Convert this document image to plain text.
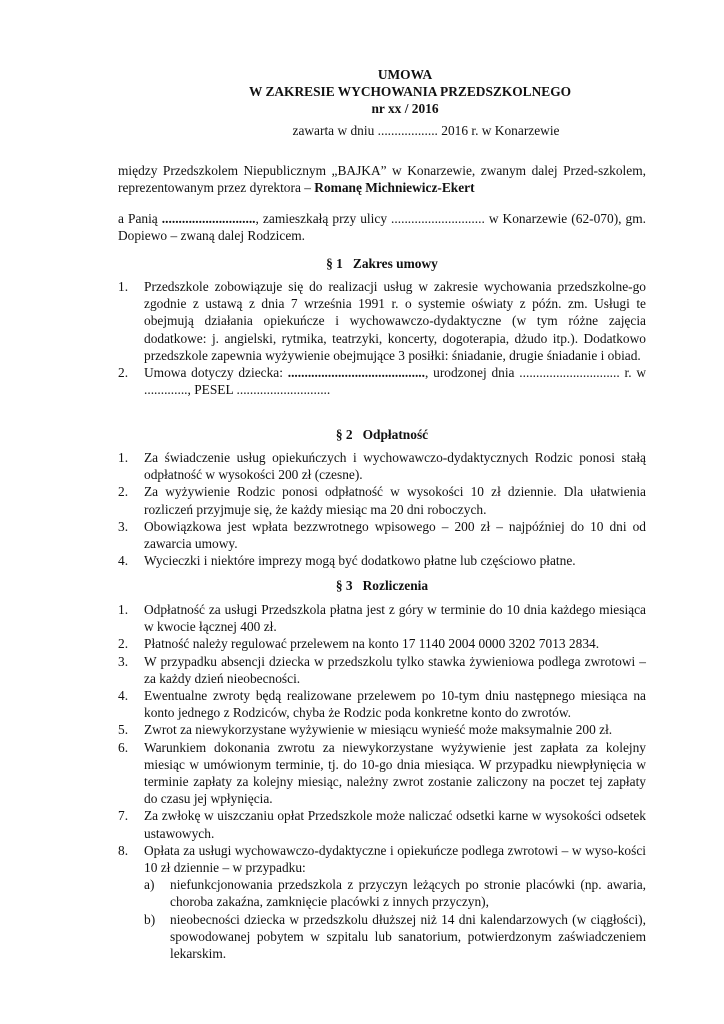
UMOWA
W ZAKRESIE WYCHOWANIA PRZEDSZKOLNEGO
nr xx / 2016
zawarta w dniu .................. 2016 r. w Konarzewie
między Przedszkolem Niepublicznym „BAJKA” w Konarzewie, zwanym dalej Przed-szkolem, reprezentowanym przez dyrektora – Romanę Michniewicz-Ekert
a Panią ............................, zamieszkałą przy ulicy ............................ w Konarzewie (62-070), gm. Dopiewo – zwaną dalej Rodzicem.
§ 1 Zakres umowy
1. Przedszkole zobowiązuje się do realizacji usług w zakresie wychowania przedszkolne-go zgodnie z ustawą z dnia 7 września 1991 r. o systemie oświaty z późn. zm. Usługi te obejmują działania opiekuńcze i wychowawczo-dydaktyczne (w tym różne zajęcia dodatkowe: j. angielski, rytmika, teatrzyki, koncerty, dogoterapia, dżudo itp.). Dodatkowo przedszkole zapewnia wyżywienie obejmujące 3 posiłki: śniadanie, drugie śniadanie i obiad.
2. Umowa dotyczy dziecka: ........................................., urodzonej dnia .............................. r. w ............., PESEL ............................
§ 2 Odpłatność
1. Za świadczenie usług opiekuńczych i wychowawczo-dydaktycznych Rodzic ponosi stałą odpłatność w wysokości 200 zł (czesne).
2. Za wyżywienie Rodzic ponosi odpłatność w wysokości 10 zł dziennie. Dla ułatwienia rozliczeń przyjmuje się, że każdy miesiąc ma 20 dni roboczych.
3. Obowiązkowa jest wpłata bezzwrotnego wpisowego – 200 zł – najpóźniej do 10 dni od zawarcia umowy.
4. Wycieczki i niektóre imprezy mogą być dodatkowo płatne lub częściowo płatne.
§ 3 Rozliczenia
1. Odpłatność za usługi Przedszkola płatna jest z góry w terminie do 10 dnia każdego miesiąca w kwocie łącznej 400 zł.
2. Płatność należy regulować przelewem na konto 17 1140 2004 0000 3202 7013 2834.
3. W przypadku absencji dziecka w przedszkolu tylko stawka żywieniowa podlega zwrotowi – za każdy dzień nieobecności.
4. Ewentualne zwroty będą realizowane przelewem po 10-tym dniu następnego miesiąca na konto jednego z Rodziców, chyba że Rodzic poda konkretne konto do zwrotów.
5. Zwrot za niewykorzystane wyżywienie w miesiącu wynieść może maksymalnie 200 zł.
6. Warunkiem dokonania zwrotu za niewykorzystane wyżywienie jest zapłata za kolejny miesiąc w umówionym terminie, tj. do 10-go dnia miesiąca. W przypadku niewpłynięcia w terminie zapłaty za kolejny miesiąc, należny zwrot zostanie zaliczony na poczet tej zapłaty do czasu jej wpłynięcia.
7. Za zwłokę w uiszczaniu opłat Przedszkole może naliczać odsetki karne w wysokości odsetek ustawowych.
8. Opłata za usługi wychowawczo-dydaktyczne i opiekuńcze podlega zwrotowi – w wyso-kości 10 zł dziennie – w przypadku:
a) niefunkcjonowania przedszkola z przyczyn leżących po stronie placówki (np. awaria, choroba zakaźna, zamknięcie placówki z innych przyczyn),
b) nieobecności dziecka w przedszkolu dłuższej niż 14 dni kalendarzowych (w ciągłości), spowodowanej pobytem w szpitalu lub sanatorium, potwierdzonym zaświadczeniem lekarskim.
